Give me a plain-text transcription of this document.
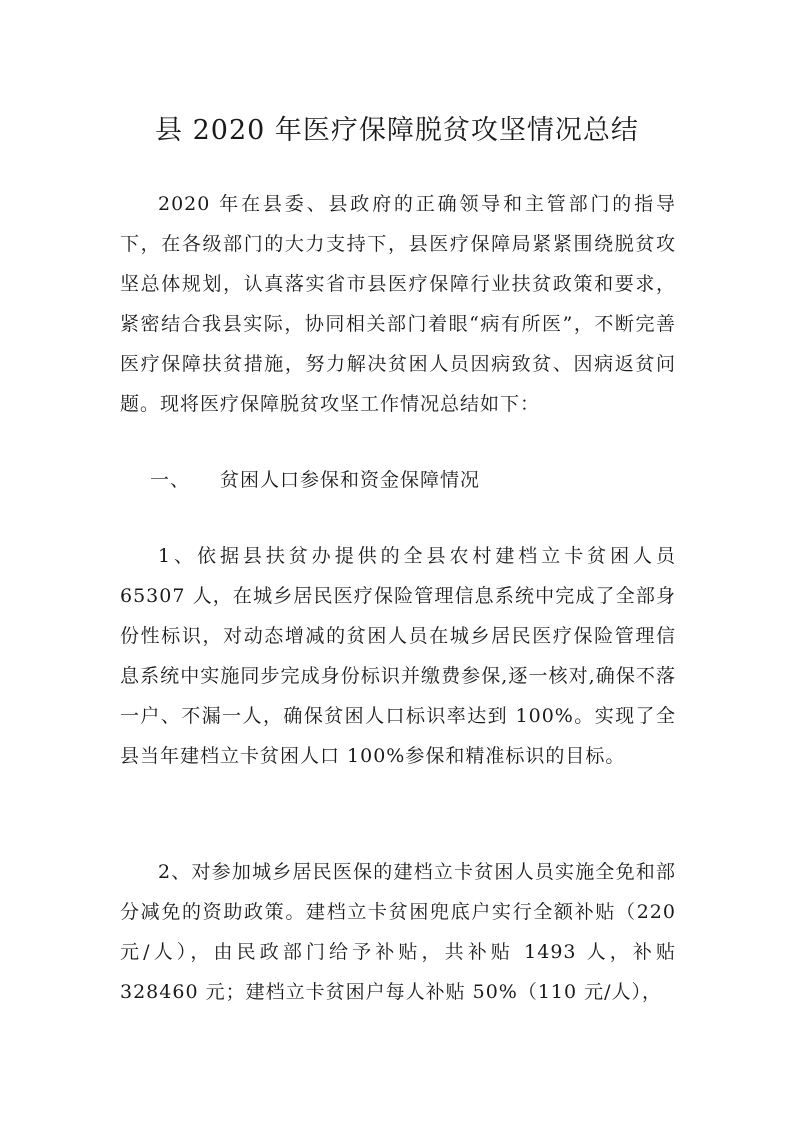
县 2020 年医疗保障脱贫攻坚情况总结

2020 年在县委、县政府的正确领导和主管部门的指导下，在各级部门的大力支持下，县医疗保障局紧紧围绕脱贫攻坚总体规划，认真落实省市县医疗保障行业扶贫政策和要求，紧密结合我县实际，协同相关部门着眼“病有所医”，不断完善医疗保障扶贫措施，努力解决贫困人员因病致贫、因病返贫问题。现将医疗保障脱贫攻坚工作情况总结如下：

一、 贫困人口参保和资金保障情况

1、依据县扶贫办提供的全县农村建档立卡贫困人员 65307 人，在城乡居民医疗保险管理信息系统中完成了全部身份性标识，对动态增减的贫困人员在城乡居民医疗保险管理信息系统中实施同步完成身份标识并缴费参保,逐一核对,确保不落一户、不漏一人，确保贫困人口标识率达到 100%。实现了全县当年建档立卡贫困人口 100%参保和精准标识的目标。

2、对参加城乡居民医保的建档立卡贫困人员实施全免和部分减免的资助政策。建档立卡贫困兜底户实行全额补贴（220 元/人），由民政部门给予补贴，共补贴 1493 人，补贴 328460 元；建档立卡贫困户每人补贴 50%（110 元/人），
